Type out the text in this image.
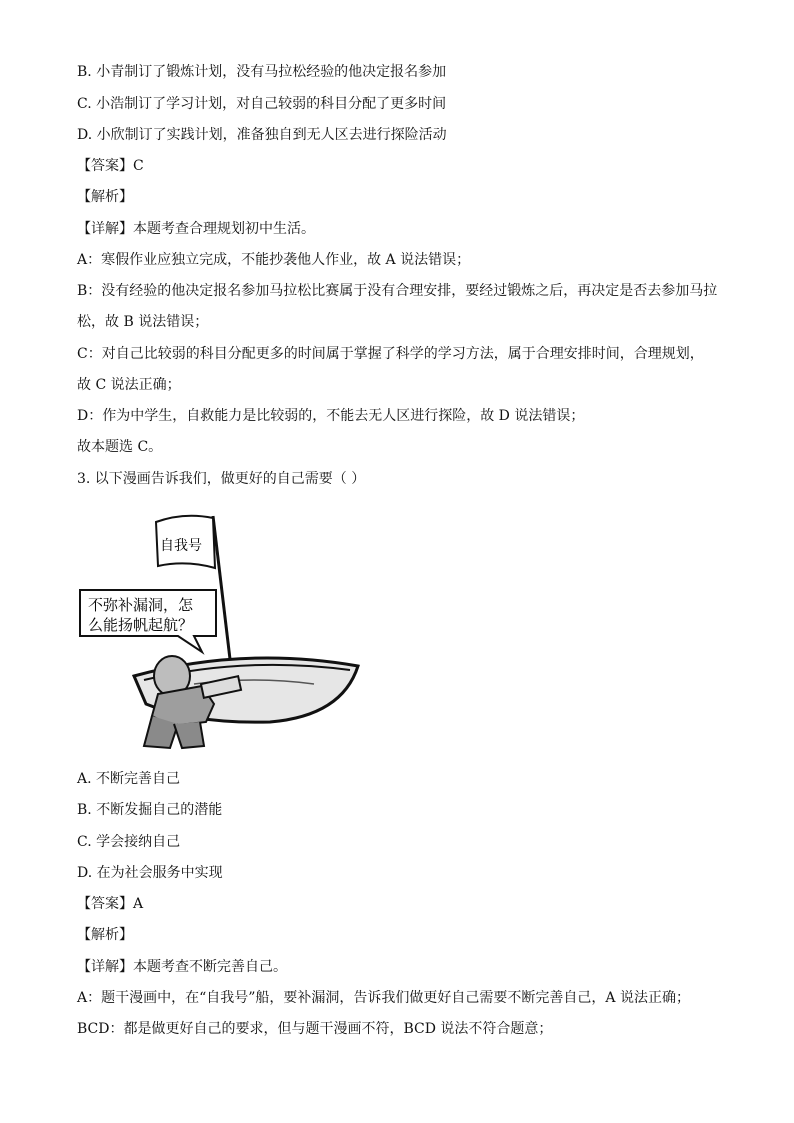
B. 小青制订了锻炼计划，没有马拉松经验的他决定报名参加
C. 小浩制订了学习计划，对自己较弱的科目分配了更多时间
D. 小欣制订了实践计划，准备独自到无人区去进行探险活动
【答案】C
【解析】
【详解】本题考查合理规划初中生活。
A：寒假作业应独立完成，不能抄袭他人作业，故 A 说法错误；
B：没有经验的他决定报名参加马拉松比赛属于没有合理安排，要经过锻炼之后，再决定是否去参加马拉
松，故 B 说法错误；
C：对自己比较弱的科目分配更多的时间属于掌握了科学的学习方法，属于合理安排时间，合理规划，
故 C 说法正确；
D：作为中学生，自救能力是比较弱的，不能去无人区进行探险，故 D 说法错误；
故本题选 C。
3. 以下漫画告诉我们，做更好的自己需要（ ）
自我号
不弥补漏洞，怎
么能扬帆起航？
A. 不断完善自己
B. 不断发掘自己的潜能
C. 学会接纳自己
D. 在为社会服务中实现
【答案】A
【解析】
【详解】本题考查不断完善自己。
A：题干漫画中，在“自我号”船，要补漏洞，告诉我们做更好自己需要不断完善自己，A 说法正确；
BCD：都是做更好自己的要求，但与题干漫画不符，BCD 说法不符合题意；
